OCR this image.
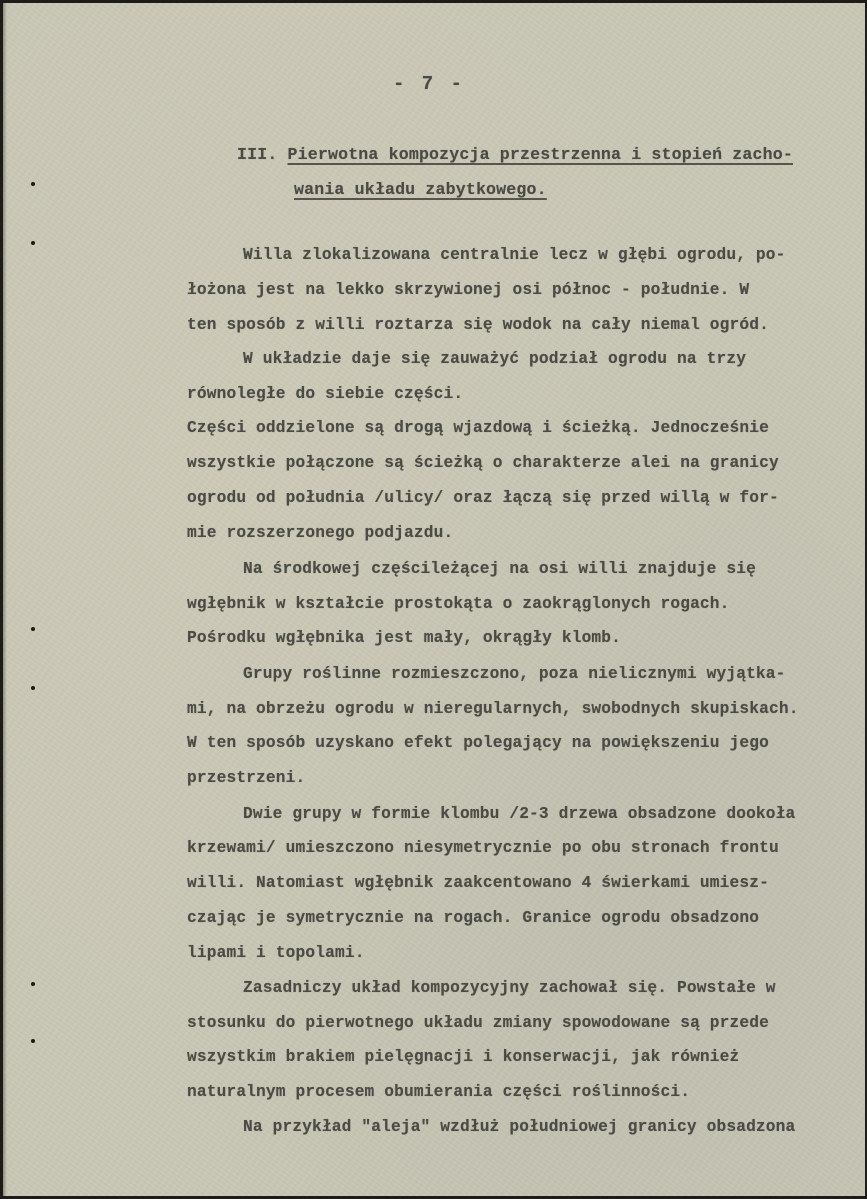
- 7 -
III. Pierwotna kompozycja przestrzenna i stopień zacho-
wania układu zabytkowego.
Willa zlokalizowana centralnie lecz w głębi ogrodu, po-
łożona jest na lekko skrzywionej osi północ - południe. W
ten sposób z willi roztarza się wodok na cały niemal ogród.
W układzie daje się zauważyć podział ogrodu na trzy
równoległe do siebie części.
Części oddzielone są drogą wjazdową i ścieżką. Jednocześnie
wszystkie połączone są ścieżką o charakterze alei na granicy
ogrodu od południa /ulicy/ oraz łączą się przed willą w for-
mie rozszerzonego podjazdu.
Na środkowej częścileżącej na osi willi znajduje się
wgłębnik w kształcie prostokąta o zaokrąglonych rogach.
Pośrodku wgłębnika jest mały, okrągły klomb.
Grupy roślinne rozmieszczono, poza nielicznymi wyjątka-
mi, na obrzeżu ogrodu w nieregularnych, swobodnych skupiskach.
W ten sposób uzyskano efekt polegający na powiększeniu jego
przestrzeni.
Dwie grupy w formie klombu /2-3 drzewa obsadzone dookoła
krzewami/ umieszczono niesymetrycznie po obu stronach frontu
willi. Natomiast wgłębnik zaakcentowano 4 świerkami umiesz-
czając je symetrycznie na rogach. Granice ogrodu obsadzono
lipami i topolami.
Zasadniczy układ kompozycyjny zachował się. Powstałe w
stosunku do pierwotnego układu zmiany spowodowane są przede
wszystkim brakiem pielęgnacji i konserwacji, jak również
naturalnym procesem obumierania części roślinności.
Na przykład "aleja" wzdłuż południowej granicy obsadzona
